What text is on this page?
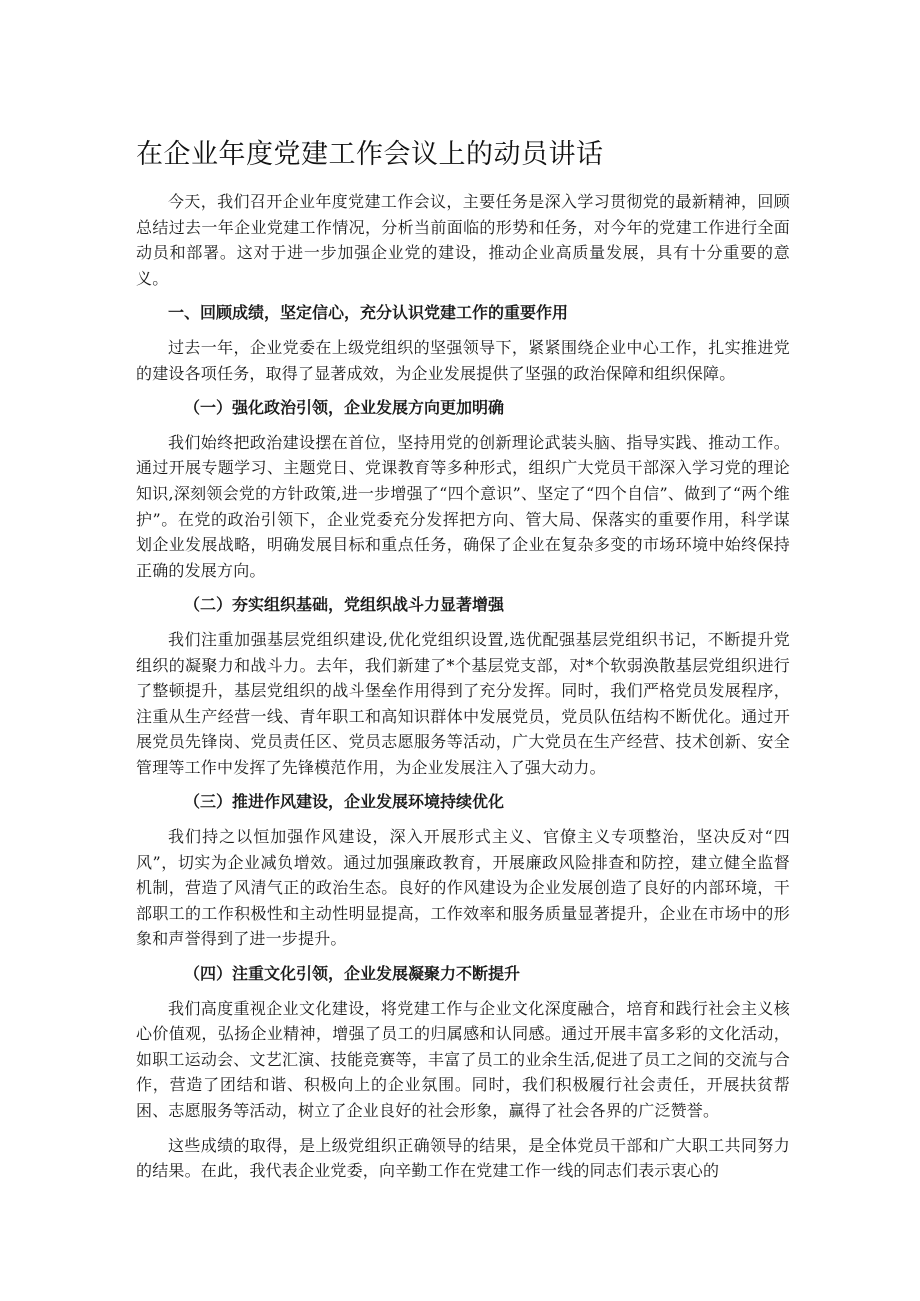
在企业年度党建工作会议上的动员讲话

今天，我们召开企业年度党建工作会议，主要任务是深入学习贯彻党的最新精神，回顾总结过去一年企业党建工作情况，分析当前面临的形势和任务，对今年的党建工作进行全面动员和部署。这对于进一步加强企业党的建设，推动企业高质量发展，具有十分重要的意义。

一、回顾成绩，坚定信心，充分认识党建工作的重要作用

过去一年，企业党委在上级党组织的坚强领导下，紧紧围绕企业中心工作，扎实推进党的建设各项任务，取得了显著成效，为企业发展提供了坚强的政治保障和组织保障。

（一）强化政治引领，企业发展方向更加明确

我们始终把政治建设摆在首位，坚持用党的创新理论武装头脑、指导实践、推动工作。通过开展专题学习、主题党日、党课教育等多种形式，组织广大党员干部深入学习党的理论知识,深刻领会党的方针政策,进一步增强了“四个意识”、坚定了“四个自信”、做到了“两个维护”。在党的政治引领下，企业党委充分发挥把方向、管大局、保落实的重要作用，科学谋划企业发展战略，明确发展目标和重点任务，确保了企业在复杂多变的市场环境中始终保持正确的发展方向。

（二）夯实组织基础，党组织战斗力显著增强

我们注重加强基层党组织建设,优化党组织设置,选优配强基层党组织书记，不断提升党组织的凝聚力和战斗力。去年，我们新建了*个基层党支部，对*个软弱涣散基层党组织进行了整顿提升，基层党组织的战斗堡垒作用得到了充分发挥。同时，我们严格党员发展程序，注重从生产经营一线、青年职工和高知识群体中发展党员，党员队伍结构不断优化。通过开展党员先锋岗、党员责任区、党员志愿服务等活动，广大党员在生产经营、技术创新、安全管理等工作中发挥了先锋模范作用，为企业发展注入了强大动力。

（三）推进作风建设，企业发展环境持续优化

我们持之以恒加强作风建设，深入开展形式主义、官僚主义专项整治，坚决反对“四风”，切实为企业减负增效。通过加强廉政教育，开展廉政风险排查和防控，建立健全监督机制，营造了风清气正的政治生态。良好的作风建设为企业发展创造了良好的内部环境，干部职工的工作积极性和主动性明显提高，工作效率和服务质量显著提升，企业在市场中的形象和声誉得到了进一步提升。

（四）注重文化引领，企业发展凝聚力不断提升

我们高度重视企业文化建设，将党建工作与企业文化深度融合，培育和践行社会主义核心价值观，弘扬企业精神，增强了员工的归属感和认同感。通过开展丰富多彩的文化活动，如职工运动会、文艺汇演、技能竞赛等，丰富了员工的业余生活,促进了员工之间的交流与合作，营造了团结和谐、积极向上的企业氛围。同时，我们积极履行社会责任，开展扶贫帮困、志愿服务等活动，树立了企业良好的社会形象，赢得了社会各界的广泛赞誉。

这些成绩的取得，是上级党组织正确领导的结果，是全体党员干部和广大职工共同努力的结果。在此，我代表企业党委，向辛勤工作在党建工作一线的同志们表示衷心的
